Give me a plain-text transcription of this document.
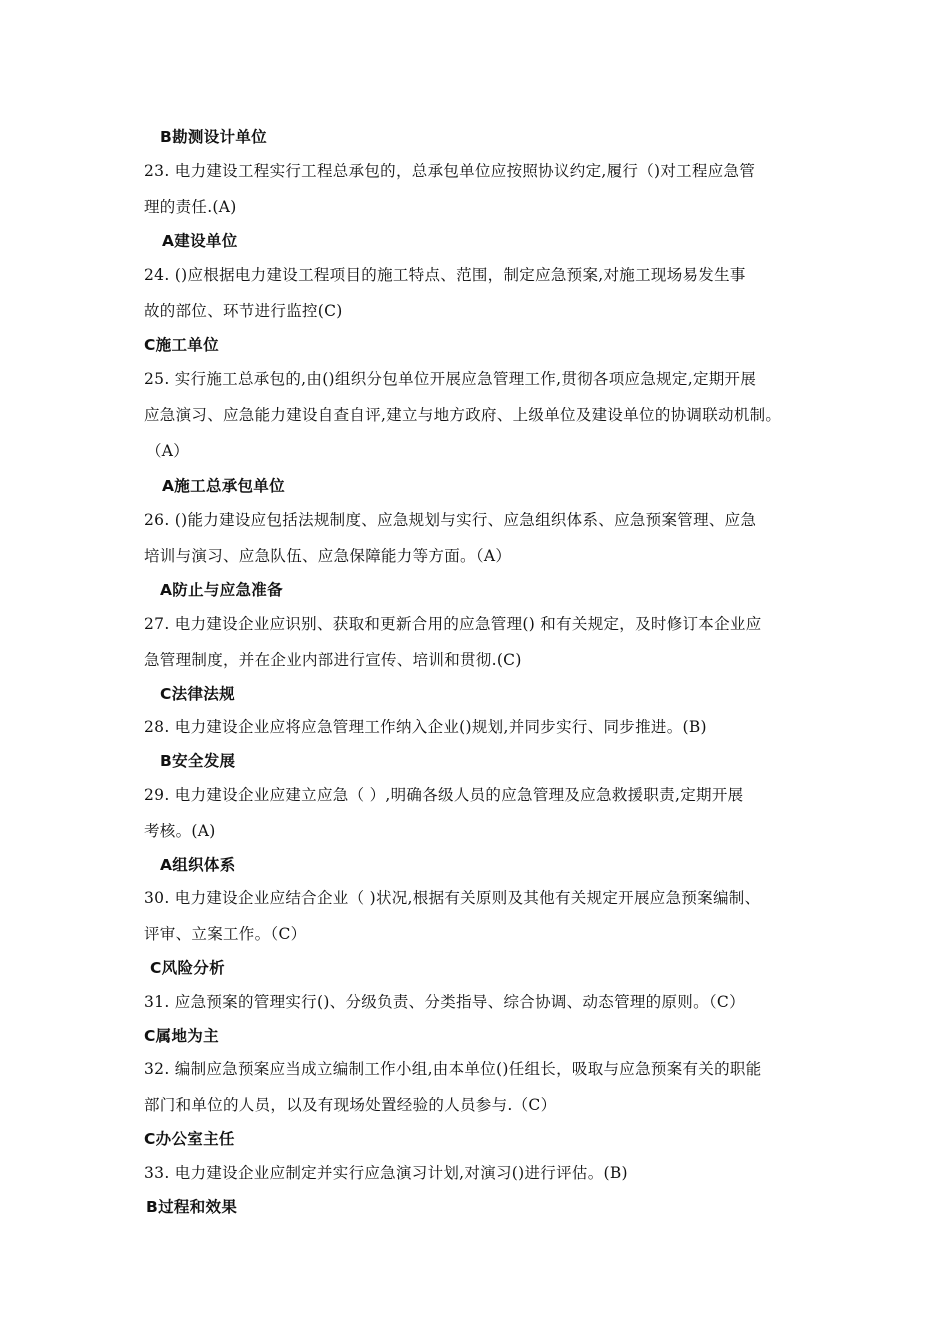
B勘测设计单位
23. 电力建设工程实行工程总承包的，总承包单位应按照协议约定,履行（)对工程应急管
理的责任.(A)
A建设单位
24. ()应根据电力建设工程项目的施工特点、范围，制定应急预案,对施工现场易发生事
故的部位、环节进行监控(C)
C施工单位
25. 实行施工总承包的,由()组织分包单位开展应急管理工作,贯彻各项应急规定,定期开展
应急演习、应急能力建设自查自评,建立与地方政府、上级单位及建设单位的协调联动机制。
（A）
A施工总承包单位
26. ()能力建设应包括法规制度、应急规划与实行、应急组织体系、应急预案管理、应急
培训与演习、应急队伍、应急保障能力等方面。（A）
A防止与应急准备
27. 电力建设企业应识别、获取和更新合用的应急管理() 和有关规定，及时修订本企业应
急管理制度，并在企业内部进行宣传、培训和贯彻.(C)
C法律法规
28. 电力建设企业应将应急管理工作纳入企业()规划,并同步实行、同步推进。(B)
B安全发展
29. 电力建设企业应建立应急（ ）,明确各级人员的应急管理及应急救援职责,定期开展
考核。(A)
A组织体系
30. 电力建设企业应结合企业（ )状况,根据有关原则及其他有关规定开展应急预案编制、
评审、立案工作。（C）
C风险分析
31. 应急预案的管理实行()、分级负责、分类指导、综合协调、动态管理的原则。（C）
C属地为主
32. 编制应急预案应当成立编制工作小组,由本单位()任组长，吸取与应急预案有关的职能
部门和单位的人员，以及有现场处置经验的人员参与.（C）
C办公室主任
33. 电力建设企业应制定并实行应急演习计划,对演习()进行评估。(B)
B过程和效果
